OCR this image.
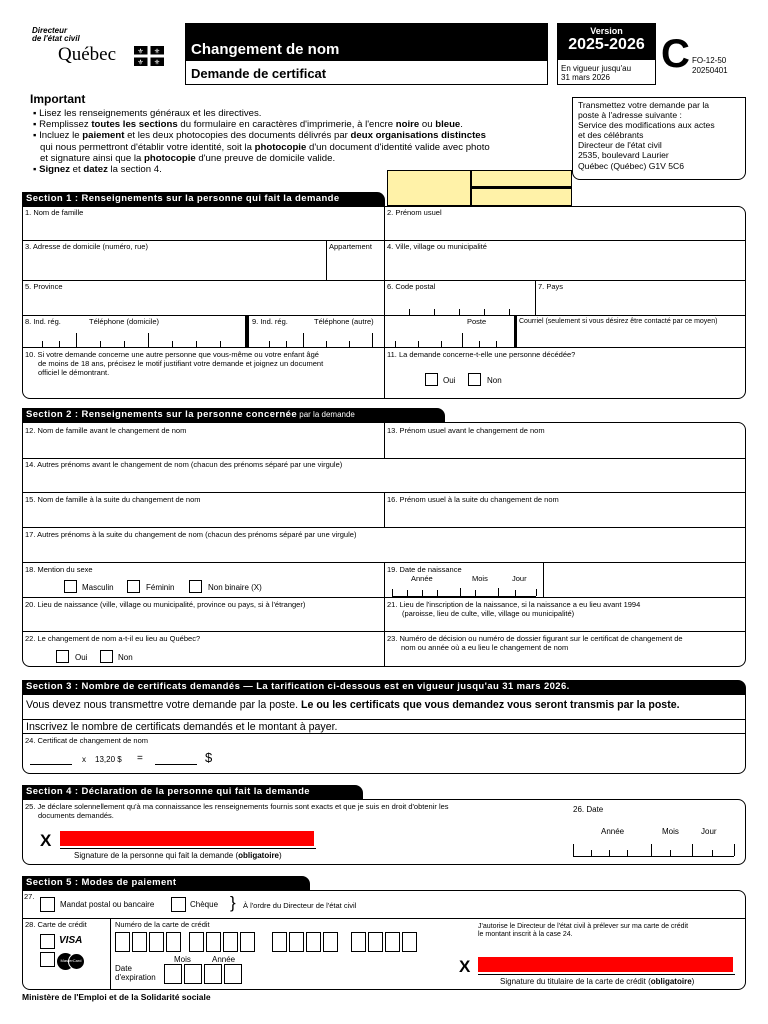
Directeur
de l'état civil
Québec	⚜ ⚜
⚜ ⚜
Changement de nom
Demande de certificat
Version
2025-2026
En vigueur jusqu'au
31 mars 2026
C FO-12-50
20250401
Important
▪ Lisez les renseignements généraux et les directives.
▪ Remplissez toutes les sections du formulaire en caractères d'imprimerie, à l'encre noire ou bleue.
▪ Incluez le paiement et les deux photocopies des documents délivrés par deux organisations distinctes
qui nous permettront d'établir votre identité, soit la photocopie d'un document d'identité valide avec photo
et signature ainsi que la photocopie d'une preuve de domicile valide.
▪ Signez et datez la section 4.
Transmettez votre demande par la
poste à l'adresse suivante :
Service des modifications aux actes
et des célébrants
Directeur de l'état civil
2535, boulevard Laurier
Québec (Québec) G1V 5C6
Section 1 : Renseignements sur la personne qui fait la demande
1. Nom de famille	2. Prénom usuel
3. Adresse de domicile (numéro, rue)	Appartement 4. Ville, village ou municipalité
5. Province	6. Code postal	7. Pays
8. Ind. rég.	Téléphone (domicile)	9. Ind. rég.	Téléphone (autre)	Poste	Courriel (seulement si vous désirez être contacté par ce moyen)
10. Si votre demande concerne une autre personne que vous-même ou votre enfant âgé
de moins de 18 ans, précisez le motif justifiant votre demande et joignez un document
officiel le démontrant.
11. La demande concerne-t-elle une personne décédée?
Oui	Non
Section 2 : Renseignements sur la personne concernée par la demande
12. Nom de famille avant le changement de nom	13. Prénom usuel avant le changement de nom
14. Autres prénoms avant le changement de nom (chacun des prénoms séparé par une virgule)
15. Nom de famille à la suite du changement de nom	16. Prénom usuel à la suite du changement de nom
17. Autres prénoms à la suite du changement de nom (chacun des prénoms séparé par une virgule)
18. Mention du sexe
Masculin	Féminin	Non binaire (X)
19. Date de naissance
Année	Mois	Jour
20. Lieu de naissance (ville, village ou municipalité, province ou pays, si à l'étranger)	21. Lieu de l'inscription de la naissance, si la naissance a eu lieu avant 1994
(paroisse, lieu de culte, ville, village ou municipalité)
22. Le changement de nom a-t-il eu lieu au Québec?
Oui	Non
23. Numéro de décision ou numéro de dossier figurant sur le certificat de changement de
nom ou année où a eu lieu le changement de nom
Section 3 : Nombre de certificats demandés — La tarification ci-dessous est en vigueur jusqu'au 31 mars 2026.
Vous devez nous transmettre votre demande par la poste. Le ou les certificats que vous demandez vous seront transmis par la poste.
Inscrivez le nombre de certificats demandés et le montant à payer.
24. Certificat de changement de nom
x 13,20 $ =	$
Section 4 : Déclaration de la personne qui fait la demande
25. Je déclare solennellement qu'à ma connaissance les renseignements fournis sont exacts et que je suis en droit d'obtenir les
documents demandés.
X
Signature de la personne qui fait la demande (obligatoire)
26. Date
Année	Mois	Jour
Section 5 : Modes de paiement
27.
Mandat postal ou bancaire	Chèque } À l'ordre du Directeur de l'état civil
28. Carte de crédit
VISA
MasterCard
Numéro de la carte de crédit
Date
d'expiration
Mois	Année
J'autorise le Directeur de l'état civil à prélever sur ma carte de crédit
le montant inscrit à la case 24.
X
Signature du titulaire de la carte de crédit (obligatoire)
Ministère de l'Emploi et de la Solidarité sociale
